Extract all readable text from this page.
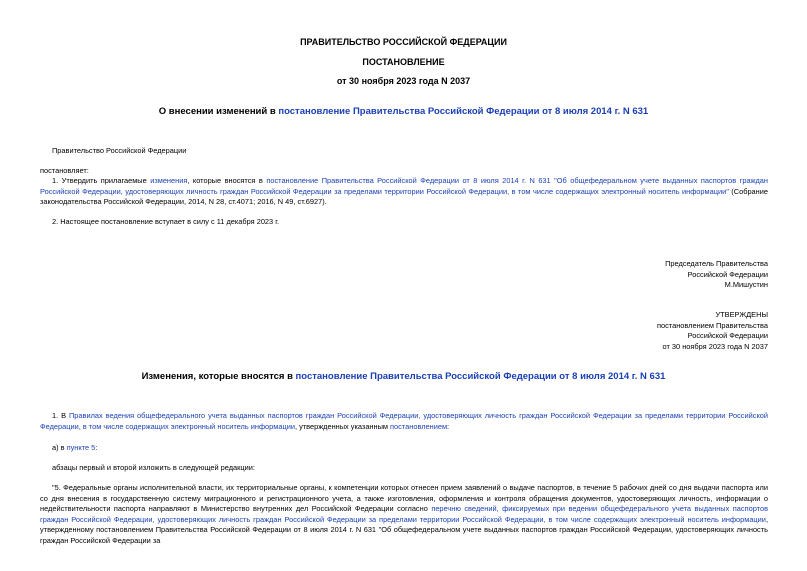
ПРАВИТЕЛЬСТВО РОССИЙСКОЙ ФЕДЕРАЦИИ
ПОСТАНОВЛЕНИЕ
от 30 ноября 2023 года N 2037
О внесении изменений в постановление Правительства Российской Федерации от 8 июля 2014 г. N 631
Правительство Российской Федерации
постановляет:
1. Утвердить прилагаемые изменения, которые вносятся в постановление Правительства Российской Федерации от 8 июля 2014 г. N 631 "Об общефедеральном учете выданных паспортов граждан Российской Федерации, удостоверяющих личность граждан Российской Федерации за пределами территории Российской Федерации, в том числе содержащих электронный носитель информации" (Собрание законодательства Российской Федерации, 2014, N 28, ст.4071; 2016, N 49, ст.6927).
2. Настоящее постановление вступает в силу с 11 декабря 2023 г.
Председатель Правительства
Российской Федерации
М.Мишустин
УТВЕРЖДЕНЫ
постановлением Правительства
Российской Федерации
от 30 ноября 2023 года N 2037
Изменения, которые вносятся в постановление Правительства Российской Федерации от 8 июля 2014 г. N 631
1. В Правилах ведения общефедерального учета выданных паспортов граждан Российской Федерации, удостоверяющих личность граждан Российской Федерации за пределами территории Российской Федерации, в том числе содержащих электронный носитель информации, утвержденных указанным постановлением:
а) в пункте 5:
абзацы первый и второй изложить в следующей редакции:
"5. Федеральные органы исполнительной власти, их территориальные органы, к компетенции которых отнесен прием заявлений о выдаче паспортов, в течение 5 рабочих дней со дня выдачи паспорта или со дня внесения в государственную систему миграционного и регистрационного учета, а также изготовления, оформления и контроля обращения документов, удостоверяющих личность, информации о недействительности паспорта направляют в Министерство внутренних дел Российской Федерации согласно перечню сведений, фиксируемых при ведении общефедерального учета выданных паспортов граждан Российской Федерации, удостоверяющих личность граждан Российской Федерации за пределами территории Российской Федерации, в том числе содержащих электронный носитель информации, утвержденному постановлением Правительства Российской Федерации от 8 июля 2014 г. N 631 "Об общефедеральном учете выданных паспортов граждан Российской Федерации, удостоверяющих личность граждан Российской Федерации за
